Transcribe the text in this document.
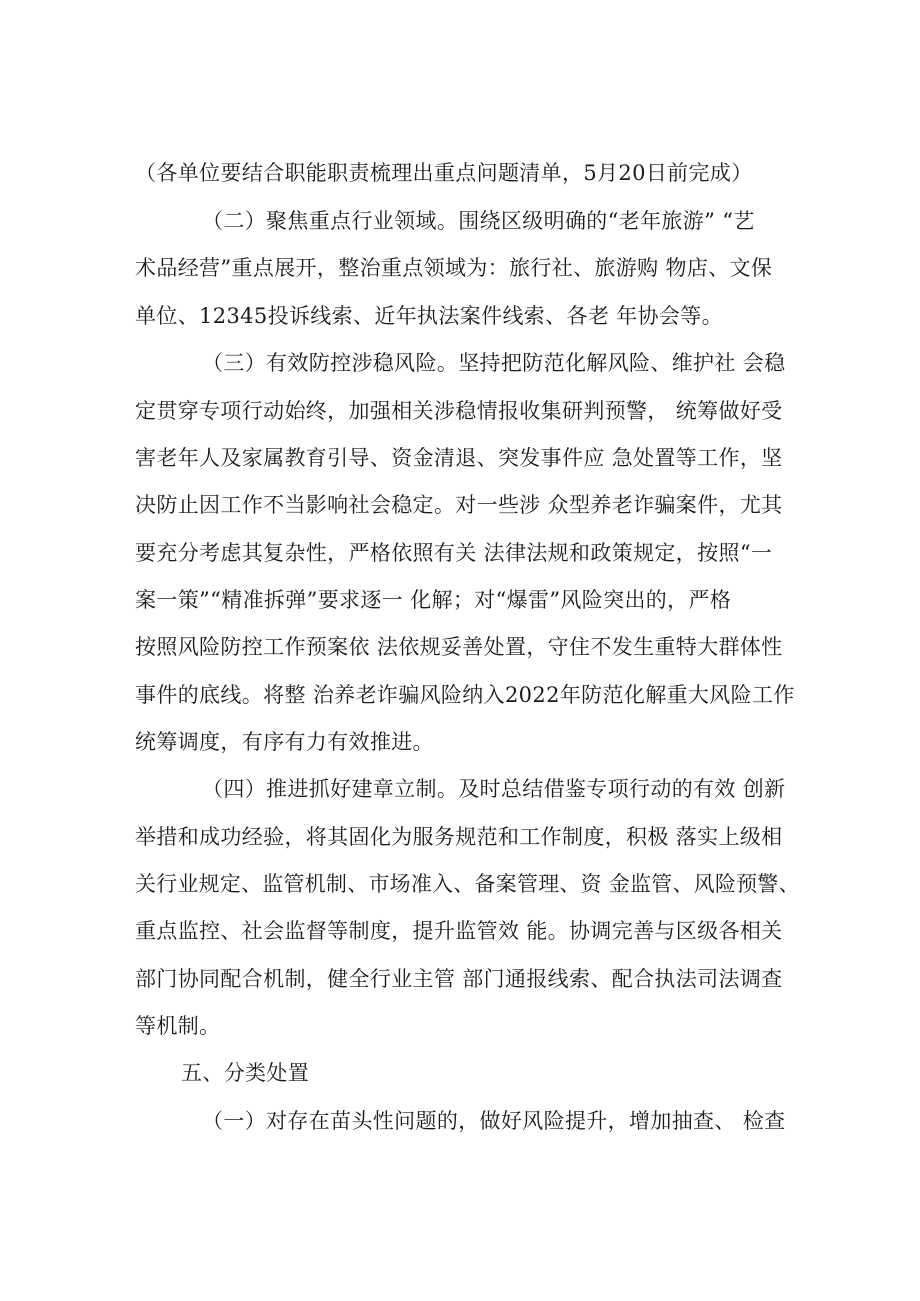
（各单位要结合职能职责梳理出重点问题清单，5月20日前完成）
（二）聚焦重点行业领域。围绕区级明确的“老年旅游” “艺
术品经营”重点展开，整治重点领域为：旅行社、旅游购 物店、文保
单位、12345投诉线索、近年执法案件线索、各老 年协会等。
（三）有效防控涉稳风险。坚持把防范化解风险、维护社 会稳
定贯穿专项行动始终，加强相关涉稳情报收集研判预警， 统筹做好受
害老年人及家属教育引导、资金清退、突发事件应 急处置等工作，坚
决防止因工作不当影响社会稳定。对一些涉 众型养老诈骗案件，尤其
要充分考虑其复杂性，严格依照有关 法律法规和政策规定，按照“一
案一策”“精准拆弹”要求逐一 化解；对“爆雷”风险突出的，严格
按照风险防控工作预案依 法依规妥善处置，守住不发生重特大群体性
事件的底线。将整 治养老诈骗风险纳入2022年防范化解重大风险工作
统筹调度，有序有力有效推进。
（四）推进抓好建章立制。及时总结借鉴专项行动的有效 创新
举措和成功经验，将其固化为服务规范和工作制度，积极 落实上级相
关行业规定、监管机制、市场准入、备案管理、资 金监管、风险预警、
重点监控、社会监督等制度，提升监管效 能。协调完善与区级各相关
部门协同配合机制，健全行业主管 部门通报线索、配合执法司法调查
等机制。
五、分类处置
（一）对存在苗头性问题的，做好风险提升，增加抽查、 检查
